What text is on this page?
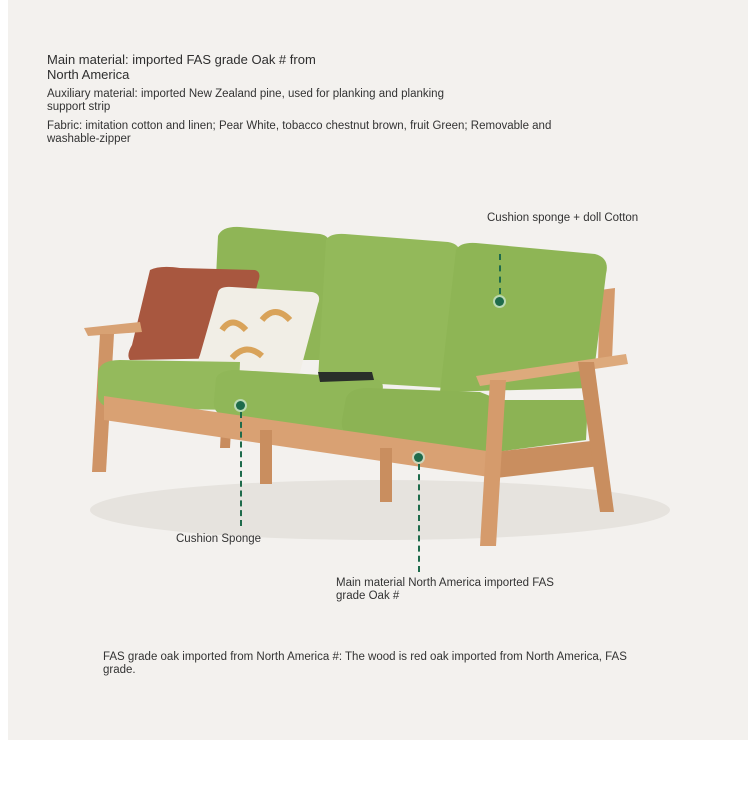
Main material: imported FAS grade Oak # from North America

Auxiliary material: imported New Zealand pine, used for planking and planking support strip

Fabric: imitation cotton and linen; Pear White, tobacco chestnut brown, fruit Green; Removable and washable-zipper

Cushion sponge + doll Cotton

Cushion Sponge

Main material North America imported FAS grade Oak #

FAS grade oak imported from North America #: The wood is red oak imported from North America, FAS grade.
